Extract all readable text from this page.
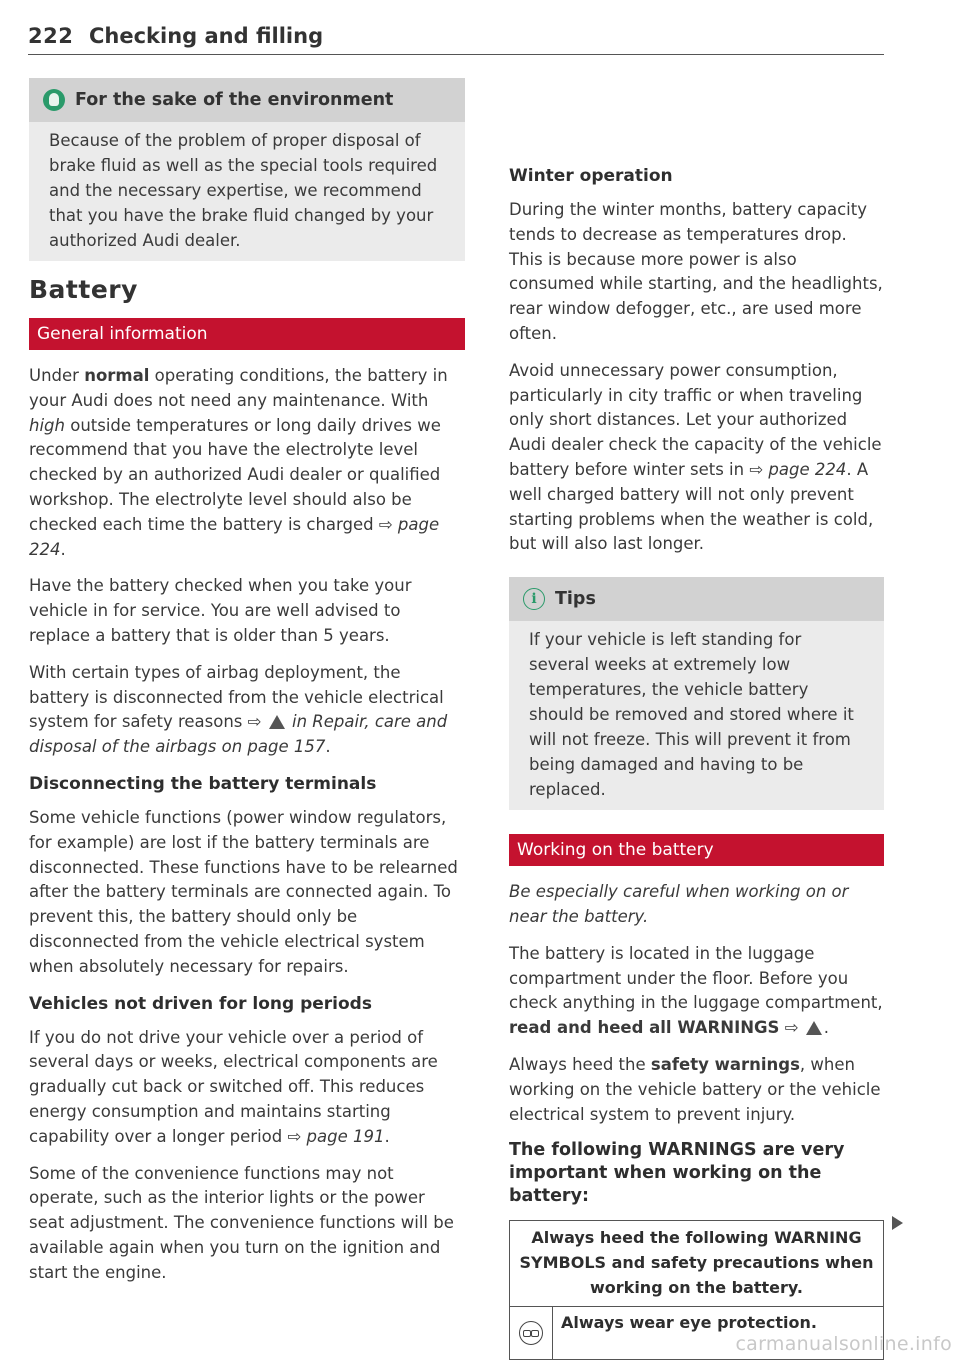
222 Checking and filling
For the sake of the environment

Because of the problem of proper disposal of brake fluid as well as the special tools required and the necessary expertise, we recommend that you have the brake fluid changed by your authorized Audi dealer.

Battery
General information

Under normal operating conditions, the battery in your Audi does not need any maintenance. With high outside temperatures or long daily drives we recommend that you have the electrolyte level checked by an authorized Audi dealer or qualified workshop. The electrolyte level should also be checked each time the battery is charged ⇨ page 224.

Have the battery checked when you take your vehicle in for service. You are well advised to replace a battery that is older than 5 years.

With certain types of airbag deployment, the battery is disconnected from the vehicle electrical system for safety reasons ⇨ in Repair, care and disposal of the airbags on page 157.

Disconnecting the battery terminals

Some vehicle functions (power window regulators, for example) are lost if the battery terminals are disconnected. These functions have to be relearned after the battery terminals are connected again. To prevent this, the battery should only be disconnected from the vehicle electrical system when absolutely necessary for repairs.

Vehicles not driven for long periods

If you do not drive your vehicle over a period of several days or weeks, electrical components are gradually cut back or switched off. This reduces energy consumption and maintains starting capability over a longer period ⇨ page 191.

Some of the convenience functions may not operate, such as the interior lights or the power seat adjustment. The convenience functions will be available again when you turn on the ignition and start the engine.

Winter operation

During the winter months, battery capacity tends to decrease as temperatures drop. This is because more power is also consumed while starting, and the headlights, rear window defogger, etc., are used more often.

Avoid unnecessary power consumption, particularly in city traffic or when traveling only short distances. Let your authorized Audi dealer check the capacity of the vehicle battery before winter sets in ⇨ page 224. A well charged battery will not only prevent starting problems when the weather is cold, but will also last longer.

i	Tips

If your vehicle is left standing for several weeks at extremely low temperatures, the vehicle battery should be removed and stored where it will not freeze. This will prevent it from being damaged and having to be replaced.

Working on the battery

Be especially careful when working on or near the battery.

The battery is located in the luggage compartment under the floor. Before you check anything in the luggage compartment, read and heed all WARNINGS ⇨ .

Always heed the safety warnings, when working on the vehicle battery or the vehicle electrical system to prevent injury.

The following WARNINGS are very important when working on the battery:
Always heed the following WARNING SYMBOLS and safety precautions when working on the battery.
Always wear eye protection.
carmanualsonline.info
